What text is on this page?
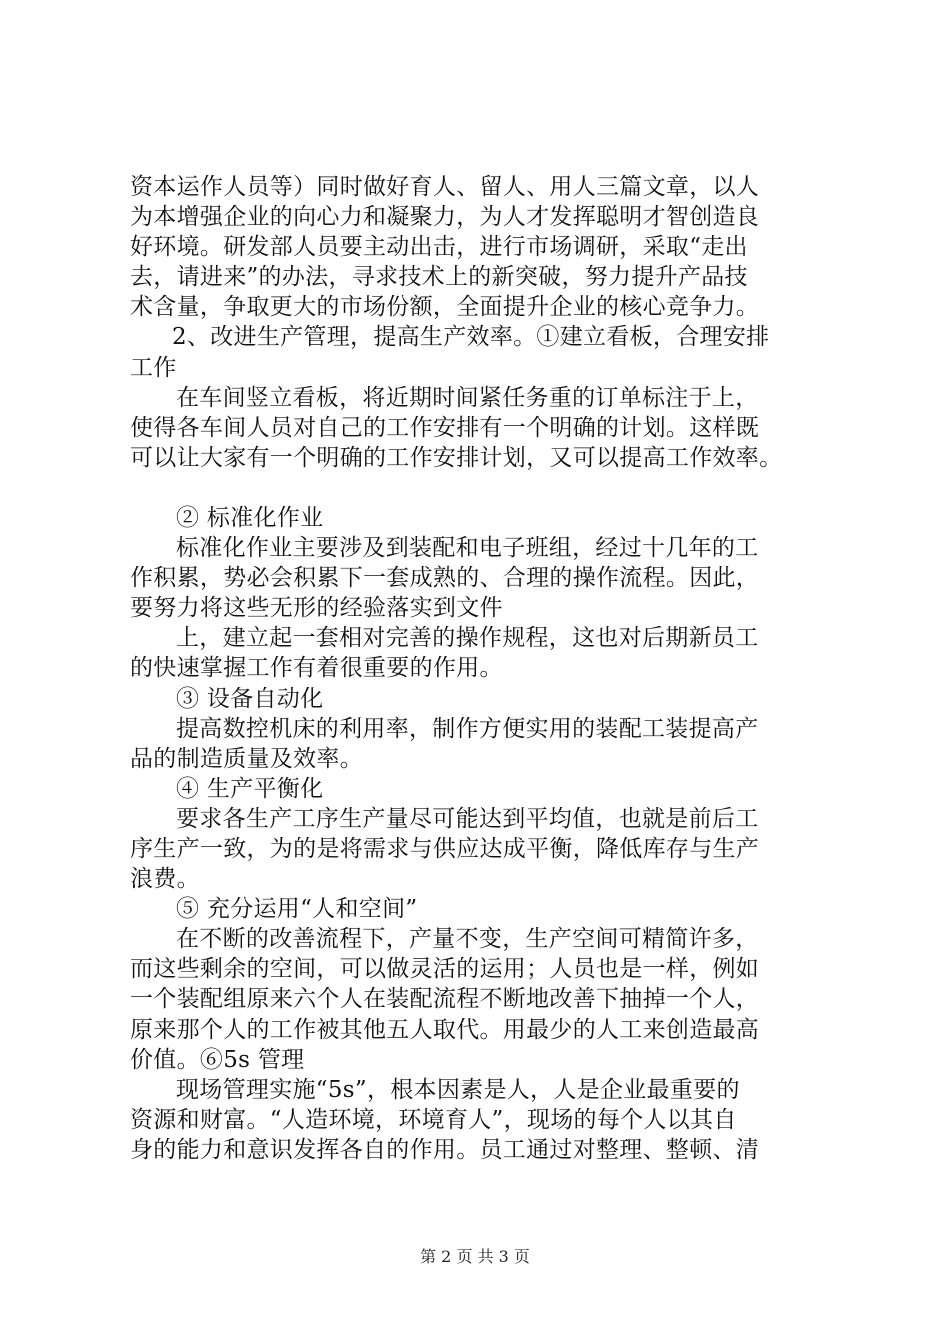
资本运作人员等）同时做好育人、留人、用人三篇文章，以人
为本增强企业的向心力和凝聚力，为人才发挥聪明才智创造良
好环境。研发部人员要主动出击，进行市场调研，采取“走出
去，请进来”的办法，寻求技术上的新突破，努力提升产品技
术含量，争取更大的市场份额，全面提升企业的核心竞争力。
2、改进生产管理，提高生产效率。①建立看板，合理安排
工作
在车间竖立看板，将近期时间紧任务重的订单标注于上，
使得各车间人员对自己的工作安排有一个明确的计划。这样既
可以让大家有一个明确的工作安排计划，又可以提高工作效率。
② 标准化作业
标准化作业主要涉及到装配和电子班组，经过十几年的工
作积累，势必会积累下一套成熟的、合理的操作流程。因此，
要努力将这些无形的经验落实到文件
上，建立起一套相对完善的操作规程，这也对后期新员工
的快速掌握工作有着很重要的作用。
③ 设备自动化
提高数控机床的利用率，制作方便实用的装配工装提高产
品的制造质量及效率。
④ 生产平衡化
要求各生产工序生产量尽可能达到平均值，也就是前后工
序生产一致，为的是将需求与供应达成平衡，降低库存与生产
浪费。
⑤ 充分运用“人和空间”
在不断的改善流程下，产量不变，生产空间可精简许多，
而这些剩余的空间，可以做灵活的运用；人员也是一样，例如
一个装配组原来六个人在装配流程不断地改善下抽掉一个人，
原来那个人的工作被其他五人取代。用最少的人工来创造最高
价值。⑥5s 管理
现场管理实施“5s”，根本因素是人，人是企业最重要的
资源和财富。“人造环境，环境育人”，现场的每个人以其自
身的能力和意识发挥各自的作用。员工通过对整理、整顿、清
第 2 页 共 3 页
